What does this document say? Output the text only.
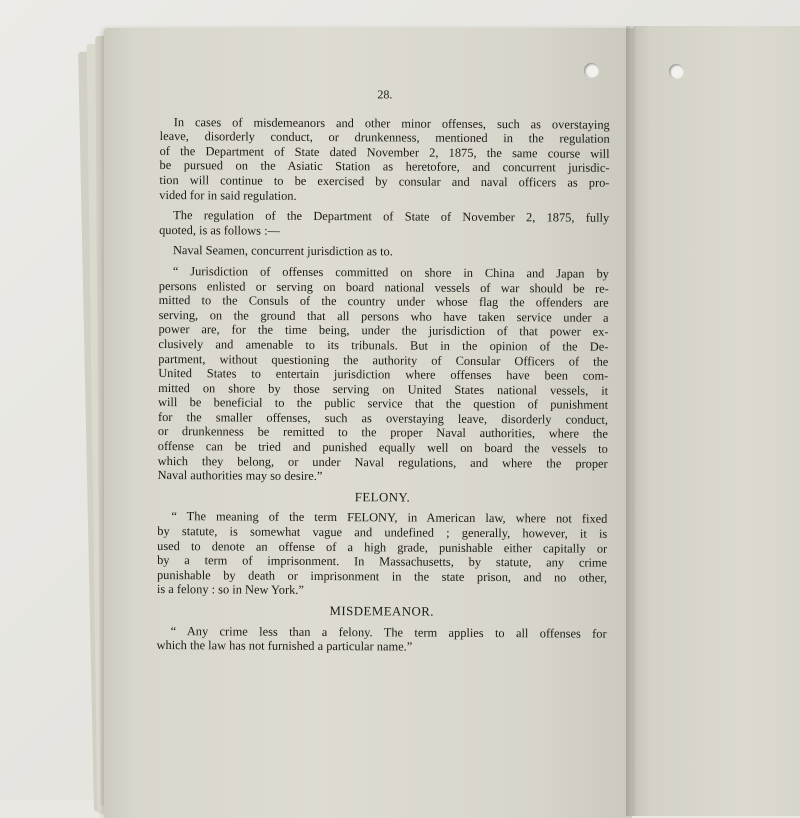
28.
In cases of misdemeanors and other minor offenses, such as overstaying
leave, disorderly conduct, or drunkenness, mentioned in the regulation
of the Department of State dated November 2, 1875, the same course will
be pursued on the Asiatic Station as heretofore, and concurrent jurisdic-
tion will continue to be exercised by consular and naval officers as pro-
vided for in said regulation.
The regulation of the Department of State of November 2, 1875, fully
quoted, is as follows :—
Naval Seamen, concurrent jurisdiction as to.
“ Jurisdiction of offenses committed on shore in China and Japan by
persons enlisted or serving on board national vessels of war should be re-
mitted to the Consuls of the country under whose flag the offenders are
serving, on the ground that all persons who have taken service under a
power are, for the time being, under the jurisdiction of that power ex-
clusively and amenable to its tribunals. But in the opinion of the De-
partment, without questioning the authority of Consular Officers of the
United States to entertain jurisdiction where offenses have been com-
mitted on shore by those serving on United States national vessels, it
will be beneficial to the public service that the question of punishment
for the smaller offenses, such as overstaying leave, disorderly conduct,
or drunkenness be remitted to the proper Naval authorities, where the
offense can be tried and punished equally well on board the vessels to
which they belong, or under Naval regulations, and where the proper
Naval authorities may so desire.”
FELONY.
“ The meaning of the term FELONY, in American law, where not fixed
by statute, is somewhat vague and undefined ; generally, however, it is
used to denote an offense of a high grade, punishable either capitally or
by a term of imprisonment. In Massachusetts, by statute, any crime
punishable by death or imprisonment in the state prison, and no other,
is a felony : so in New York.”
MISDEMEANOR.
“ Any crime less than a felony. The term applies to all offenses for
which the law has not furnished a particular name.”
